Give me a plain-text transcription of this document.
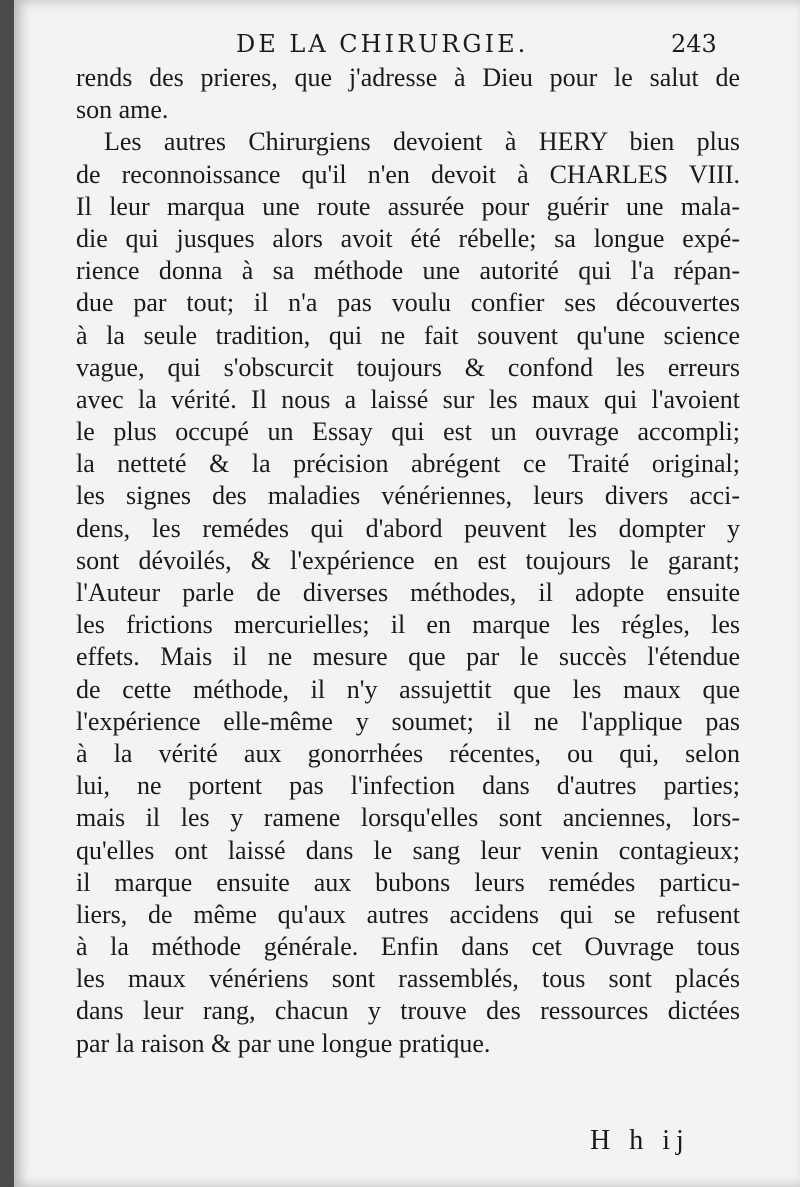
DE LA CHIRURGIE.	243
rends des prieres, que j'adresse à Dieu pour le salut de
son ame.
Les autres Chirurgiens devoient à HERY bien plus
de reconnoissance qu'il n'en devoit à CHARLES VIII.
Il leur marqua une route assurée pour guérir une mala-
die qui jusques alors avoit été rébelle; sa longue expé-
rience donna à sa méthode une autorité qui l'a répan-
due par tout; il n'a pas voulu confier ses découvertes
à la seule tradition, qui ne fait souvent qu'une science
vague, qui s'obscurcit toujours & confond les erreurs
avec la vérité. Il nous a laissé sur les maux qui l'avoient
le plus occupé un Essay qui est un ouvrage accompli;
la netteté & la précision abrégent ce Traité original;
les signes des maladies vénériennes, leurs divers acci-
dens, les remédes qui d'abord peuvent les dompter y
sont dévoilés, & l'expérience en est toujours le garant;
l'Auteur parle de diverses méthodes, il adopte ensuite
les frictions mercurielles; il en marque les régles, les
effets. Mais il ne mesure que par le succès l'étendue
de cette méthode, il n'y assujettit que les maux que
l'expérience elle-même y soumet; il ne l'applique pas
à la vérité aux gonorrhées récentes, ou qui, selon
lui, ne portent pas l'infection dans d'autres parties;
mais il les y ramene lorsqu'elles sont anciennes, lors-
qu'elles ont laissé dans le sang leur venin contagieux;
il marque ensuite aux bubons leurs remédes particu-
liers, de même qu'aux autres accidens qui se refusent
à la méthode générale. Enfin dans cet Ouvrage tous
les maux vénériens sont rassemblés, tous sont placés
dans leur rang, chacun y trouve des ressources dictées
par la raison & par une longue pratique.
H h ij
